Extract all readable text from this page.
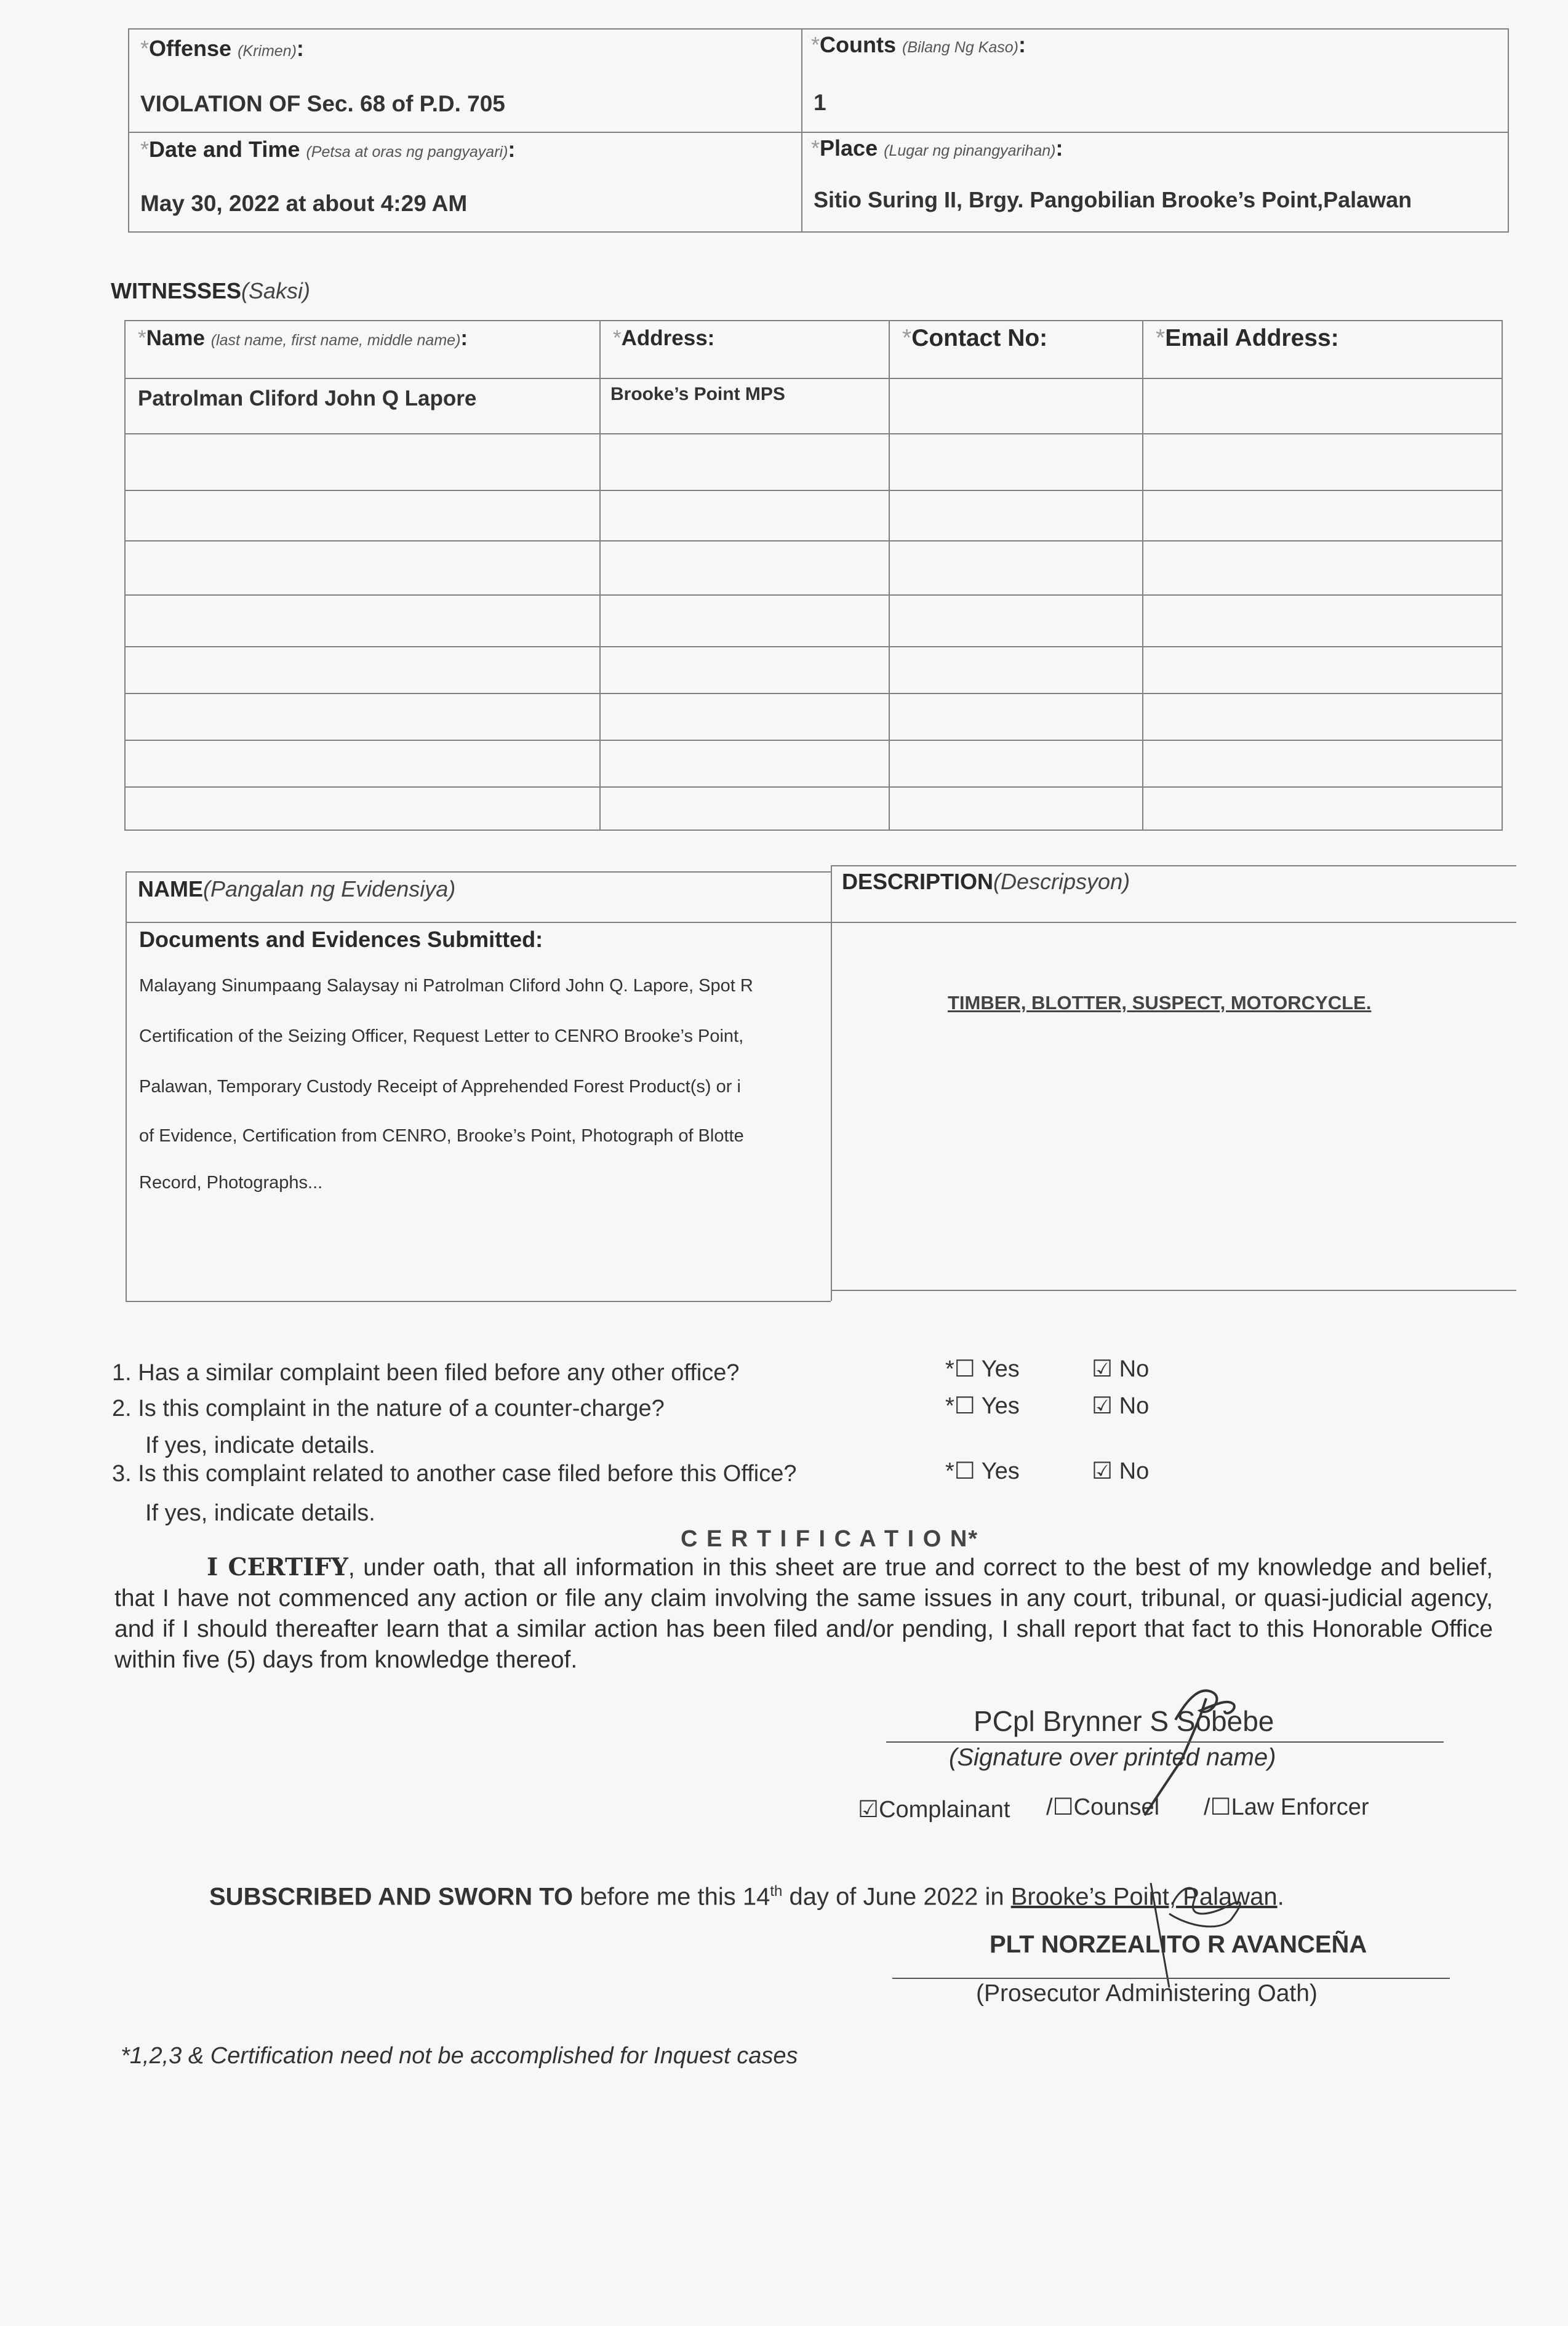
*Offense (Krimen):
VIOLATION OF Sec. 68 of P.D. 705
*Counts (Bilang Ng Kaso):
1
*Date and Time (Petsa at oras ng pangyayari):
May 30, 2022 at about 4:29 AM
*Place (Lugar ng pinangyarihan):
Sitio Suring II, Brgy. Pangobilian Brooke’s Point,Palawan
WITNESSES(Saksi)
*Name (last name, first name, middle name):	*Address:	*Contact No:	*Email Address:
Patrolman Cliford John Q Lapore	Brooke’s Point MPS
NAME(Pangalan ng Evidensiya)	DESCRIPTION(Descripsyon)
Documents and Evidences Submitted:
Malayang Sinumpaang Salaysay ni Patrolman Cliford John Q. Lapore, Spot R
Certification of the Seizing Officer, Request Letter to CENRO Brooke’s Point,
Palawan, Temporary Custody Receipt of Apprehended Forest Product(s) or i
of Evidence, Certification from CENRO, Brooke’s Point, Photograph of Blotte
Record, Photographs...
TIMBER, BLOTTER, SUSPECT, MOTORCYCLE.
1. Has a similar complaint been filed before any other office?
2. Is this complaint in the nature of a counter-charge?
If yes, indicate details.
3. Is this complaint related to another case filed before this Office?
If yes, indicate details.
*☐ Yes	☑ No
*☐ Yes	☑ No
*☐ Yes	☑ No
C E R T I F I C A T I O N*
I CERTIFY, under oath, that all information in this sheet are true and correct to the best of my knowledge and belief, that I have not commenced any action or file any claim involving the same issues in any court, tribunal, or quasi-judicial agency, and if I should thereafter learn that a similar action has been filed and/or pending, I shall report that fact to this Honorable Office within five (5) days from knowledge thereof.
PCpl Brynner S Sobebe
(Signature over printed name)
☑Complainant /☐Counsel /☐Law Enforcer
SUBSCRIBED AND SWORN TO before me this 14th day of June 2022 in Brooke’s Point, Palawan.
PLT NORZEALITO R AVANCEÑA
(Prosecutor Administering Oath)
*1,2,3 & Certification need not be accomplished for Inquest cases
